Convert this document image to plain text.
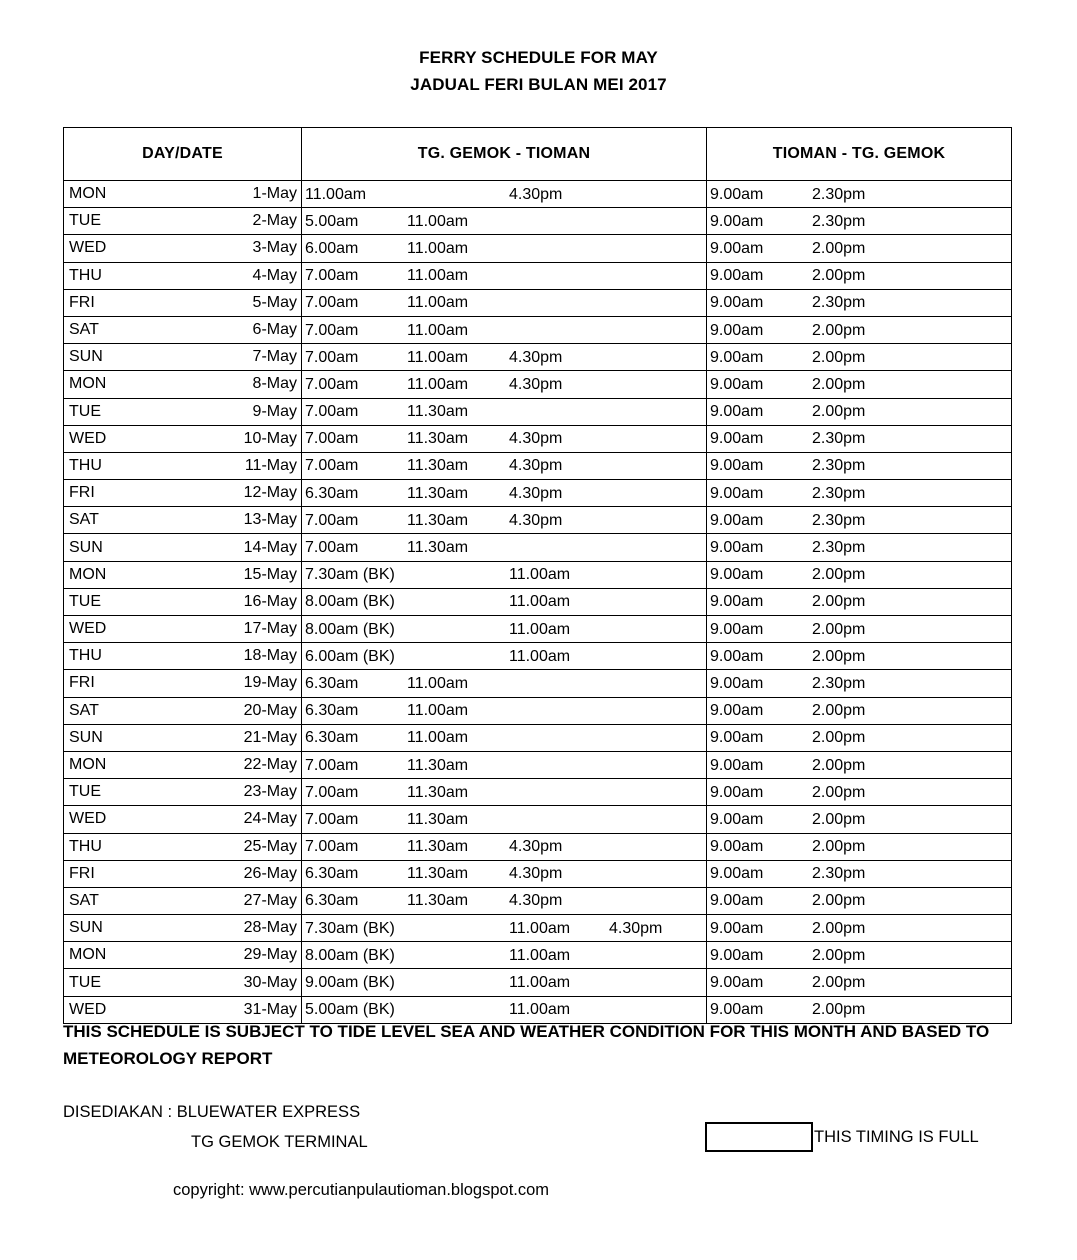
FERRY SCHEDULE FOR MAY
JADUAL FERI BULAN MEI 2017
DAY/DATE	TG. GEMOK - TIOMAN	TIOMAN - TG. GEMOK

MON 1-May	11.00am 4.30pm	9.00am 2.30pm

TUE 2-May	5.00am 11.00am	9.00am 2.30pm

WED 3-May	6.00am 11.00am	9.00am 2.00pm

THU 4-May	7.00am 11.00am	9.00am 2.00pm

FRI 5-May	7.00am 11.00am	9.00am 2.30pm

SAT 6-May	7.00am 11.00am	9.00am 2.00pm

SUN 7-May	7.00am 11.00am 4.30pm	9.00am 2.00pm

MON 8-May	7.00am 11.00am 4.30pm	9.00am 2.00pm

TUE 9-May	7.00am 11.30am	9.00am 2.00pm

WED 10-May	7.00am 11.30am 4.30pm	9.00am 2.30pm

THU 11-May	7.00am 11.30am 4.30pm	9.00am 2.30pm

FRI 12-May	6.30am 11.30am 4.30pm	9.00am 2.30pm

SAT 13-May	7.00am 11.30am 4.30pm	9.00am 2.30pm

SUN 14-May	7.00am 11.30am	9.00am 2.30pm

MON 15-May	7.30am (BK) 11.00am	9.00am 2.00pm

TUE 16-May	8.00am (BK) 11.00am	9.00am 2.00pm

WED 17-May	8.00am (BK) 11.00am	9.00am 2.00pm

THU 18-May	6.00am (BK) 11.00am	9.00am 2.00pm

FRI 19-May	6.30am 11.00am	9.00am 2.30pm

SAT 20-May	6.30am 11.00am	9.00am 2.00pm

SUN 21-May	6.30am 11.00am	9.00am 2.00pm

MON 22-May	7.00am 11.30am	9.00am 2.00pm

TUE 23-May	7.00am 11.30am	9.00am 2.00pm

WED 24-May	7.00am 11.30am	9.00am 2.00pm

THU 25-May	7.00am 11.30am 4.30pm	9.00am 2.00pm

FRI 26-May	6.30am 11.30am 4.30pm	9.00am 2.30pm

SAT 27-May	6.30am 11.30am 4.30pm	9.00am 2.00pm

SUN 28-May	7.30am (BK) 11.00am 4.30pm	9.00am 2.00pm

MON 29-May	8.00am (BK) 11.00am	9.00am 2.00pm

TUE 30-May	9.00am (BK) 11.00am	9.00am 2.00pm

WED 31-May	5.00am (BK) 11.00am	9.00am 2.00pm
THIS SCHEDULE IS SUBJECT TO TIDE LEVEL SEA AND WEATHER CONDITION FOR THIS MONTH AND BASED TO METEOROLOGY REPORT
DISEDIAKAN : BLUEWATER EXPRESS
TG GEMOK TERMINAL	THIS TIMING IS FULL
copyright: www.percutianpulautioman.blogspot.com
